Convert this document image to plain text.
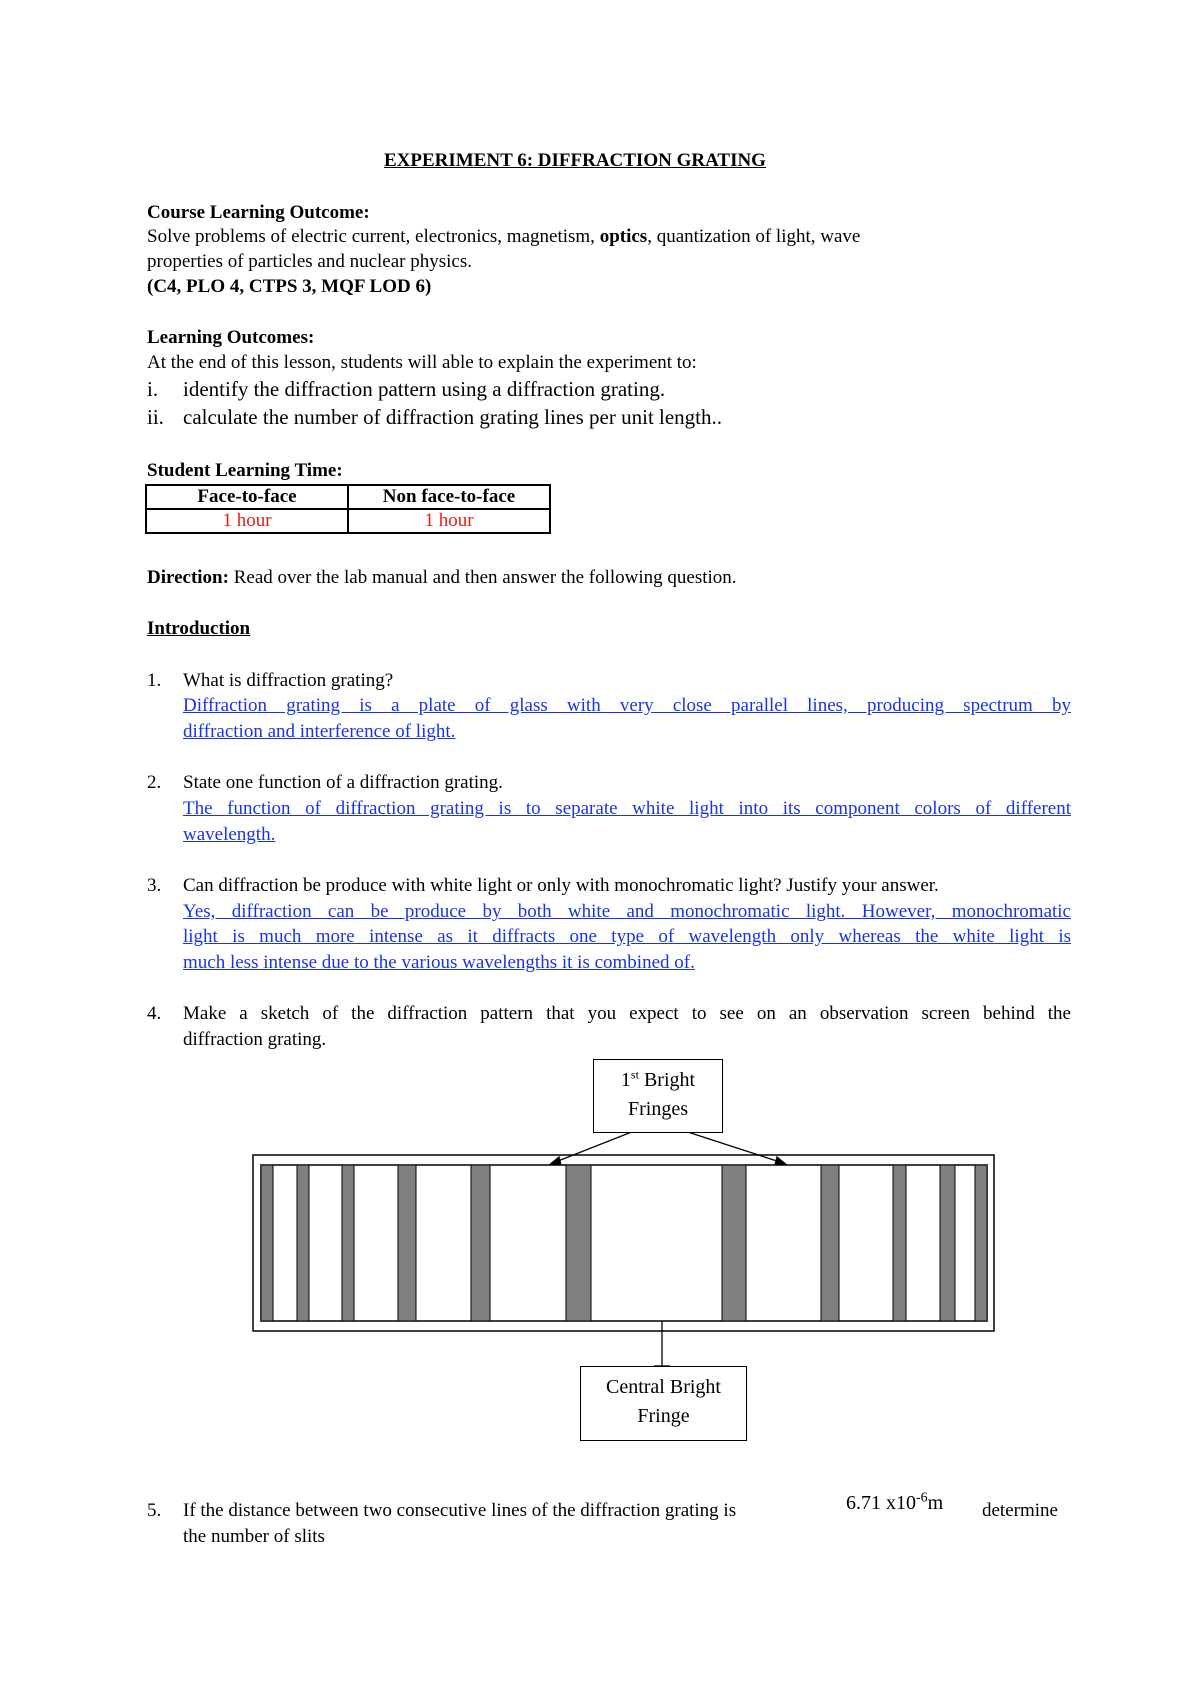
EXPERIMENT 6: DIFFRACTION GRATING
Course Learning Outcome:
Solve problems of electric current, electronics, magnetism, optics, quantization of light, wave
properties of particles and nuclear physics.
(C4, PLO 4, CTPS 3, MQF LOD 6)
Learning Outcomes:
At the end of this lesson, students will able to explain the experiment to:
i. identify the diffraction pattern using a diffraction grating.
ii. calculate the number of diffraction grating lines per unit length..
Student Learning Time:
Face-to-face	Non face-to-face
1 hour	1 hour
Direction: Read over the lab manual and then answer the following question.
Introduction
1. What is diffraction grating?
Diffraction grating is a plate of glass with very close parallel lines, producing spectrum by
diffraction and interference of light.
2. State one function of a diffraction grating.
The function of diffraction grating is to separate white light into its component colors of different
wavelength.
3. Can diffraction be produce with white light or only with monochromatic light? Justify your answer.
Yes, diffraction can be produce by both white and monochromatic light. However, monochromatic
light is much more intense as it diffracts one type of wavelength only whereas the white light is
much less intense due to the various wavelengths it is combined of.
4. Make a sketch of the diffraction pattern that you expect to see on an observation screen behind the
diffraction grating.
1st Bright
Fringes
Central Bright
Fringe
5. If the distance between two consecutive lines of the diffraction grating is	6.71 $x10^{-6}m$ determine
the number of slits
